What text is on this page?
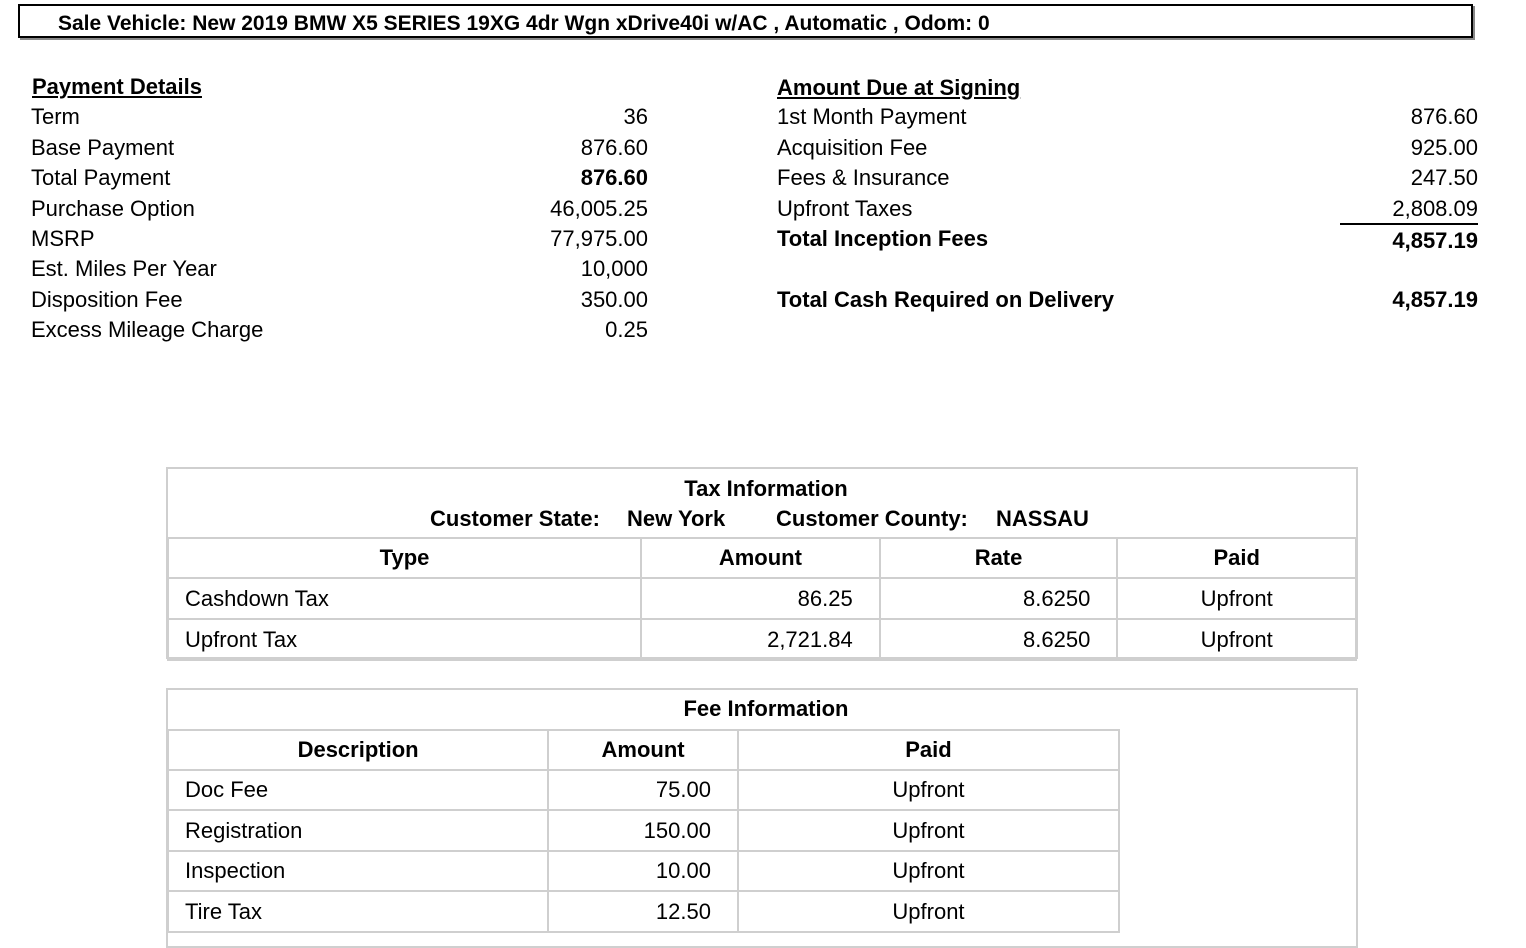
Sale Vehicle: New 2019 BMW X5 SERIES 19XG 4dr Wgn xDrive40i w/AC , Automatic , Odom: 0
Payment Details
Term	36
Base Payment	876.60
Total Payment	876.60
Purchase Option	46,005.25
MSRP	77,975.00
Est. Miles Per Year	10,000
Disposition Fee	350.00
Excess Mileage Charge	0.25
Amount Due at Signing
1st Month Payment	876.60
Acquisition Fee	925.00
Fees & Insurance	247.50
Upfront Taxes	2,808.09
Total Inception Fees	4,857.19
Total Cash Required on Delivery	4,857.19
Tax Information
Customer State: New York Customer County: NASSAU
Type	Amount	Rate	Paid
Cashdown Tax	86.25	8.6250	Upfront
Upfront Tax	2,721.84	8.6250	Upfront
Fee Information
Description	Amount	Paid
Doc Fee	75.00	Upfront
Registration	150.00	Upfront
Inspection	10.00	Upfront
Tire Tax	12.50	Upfront
